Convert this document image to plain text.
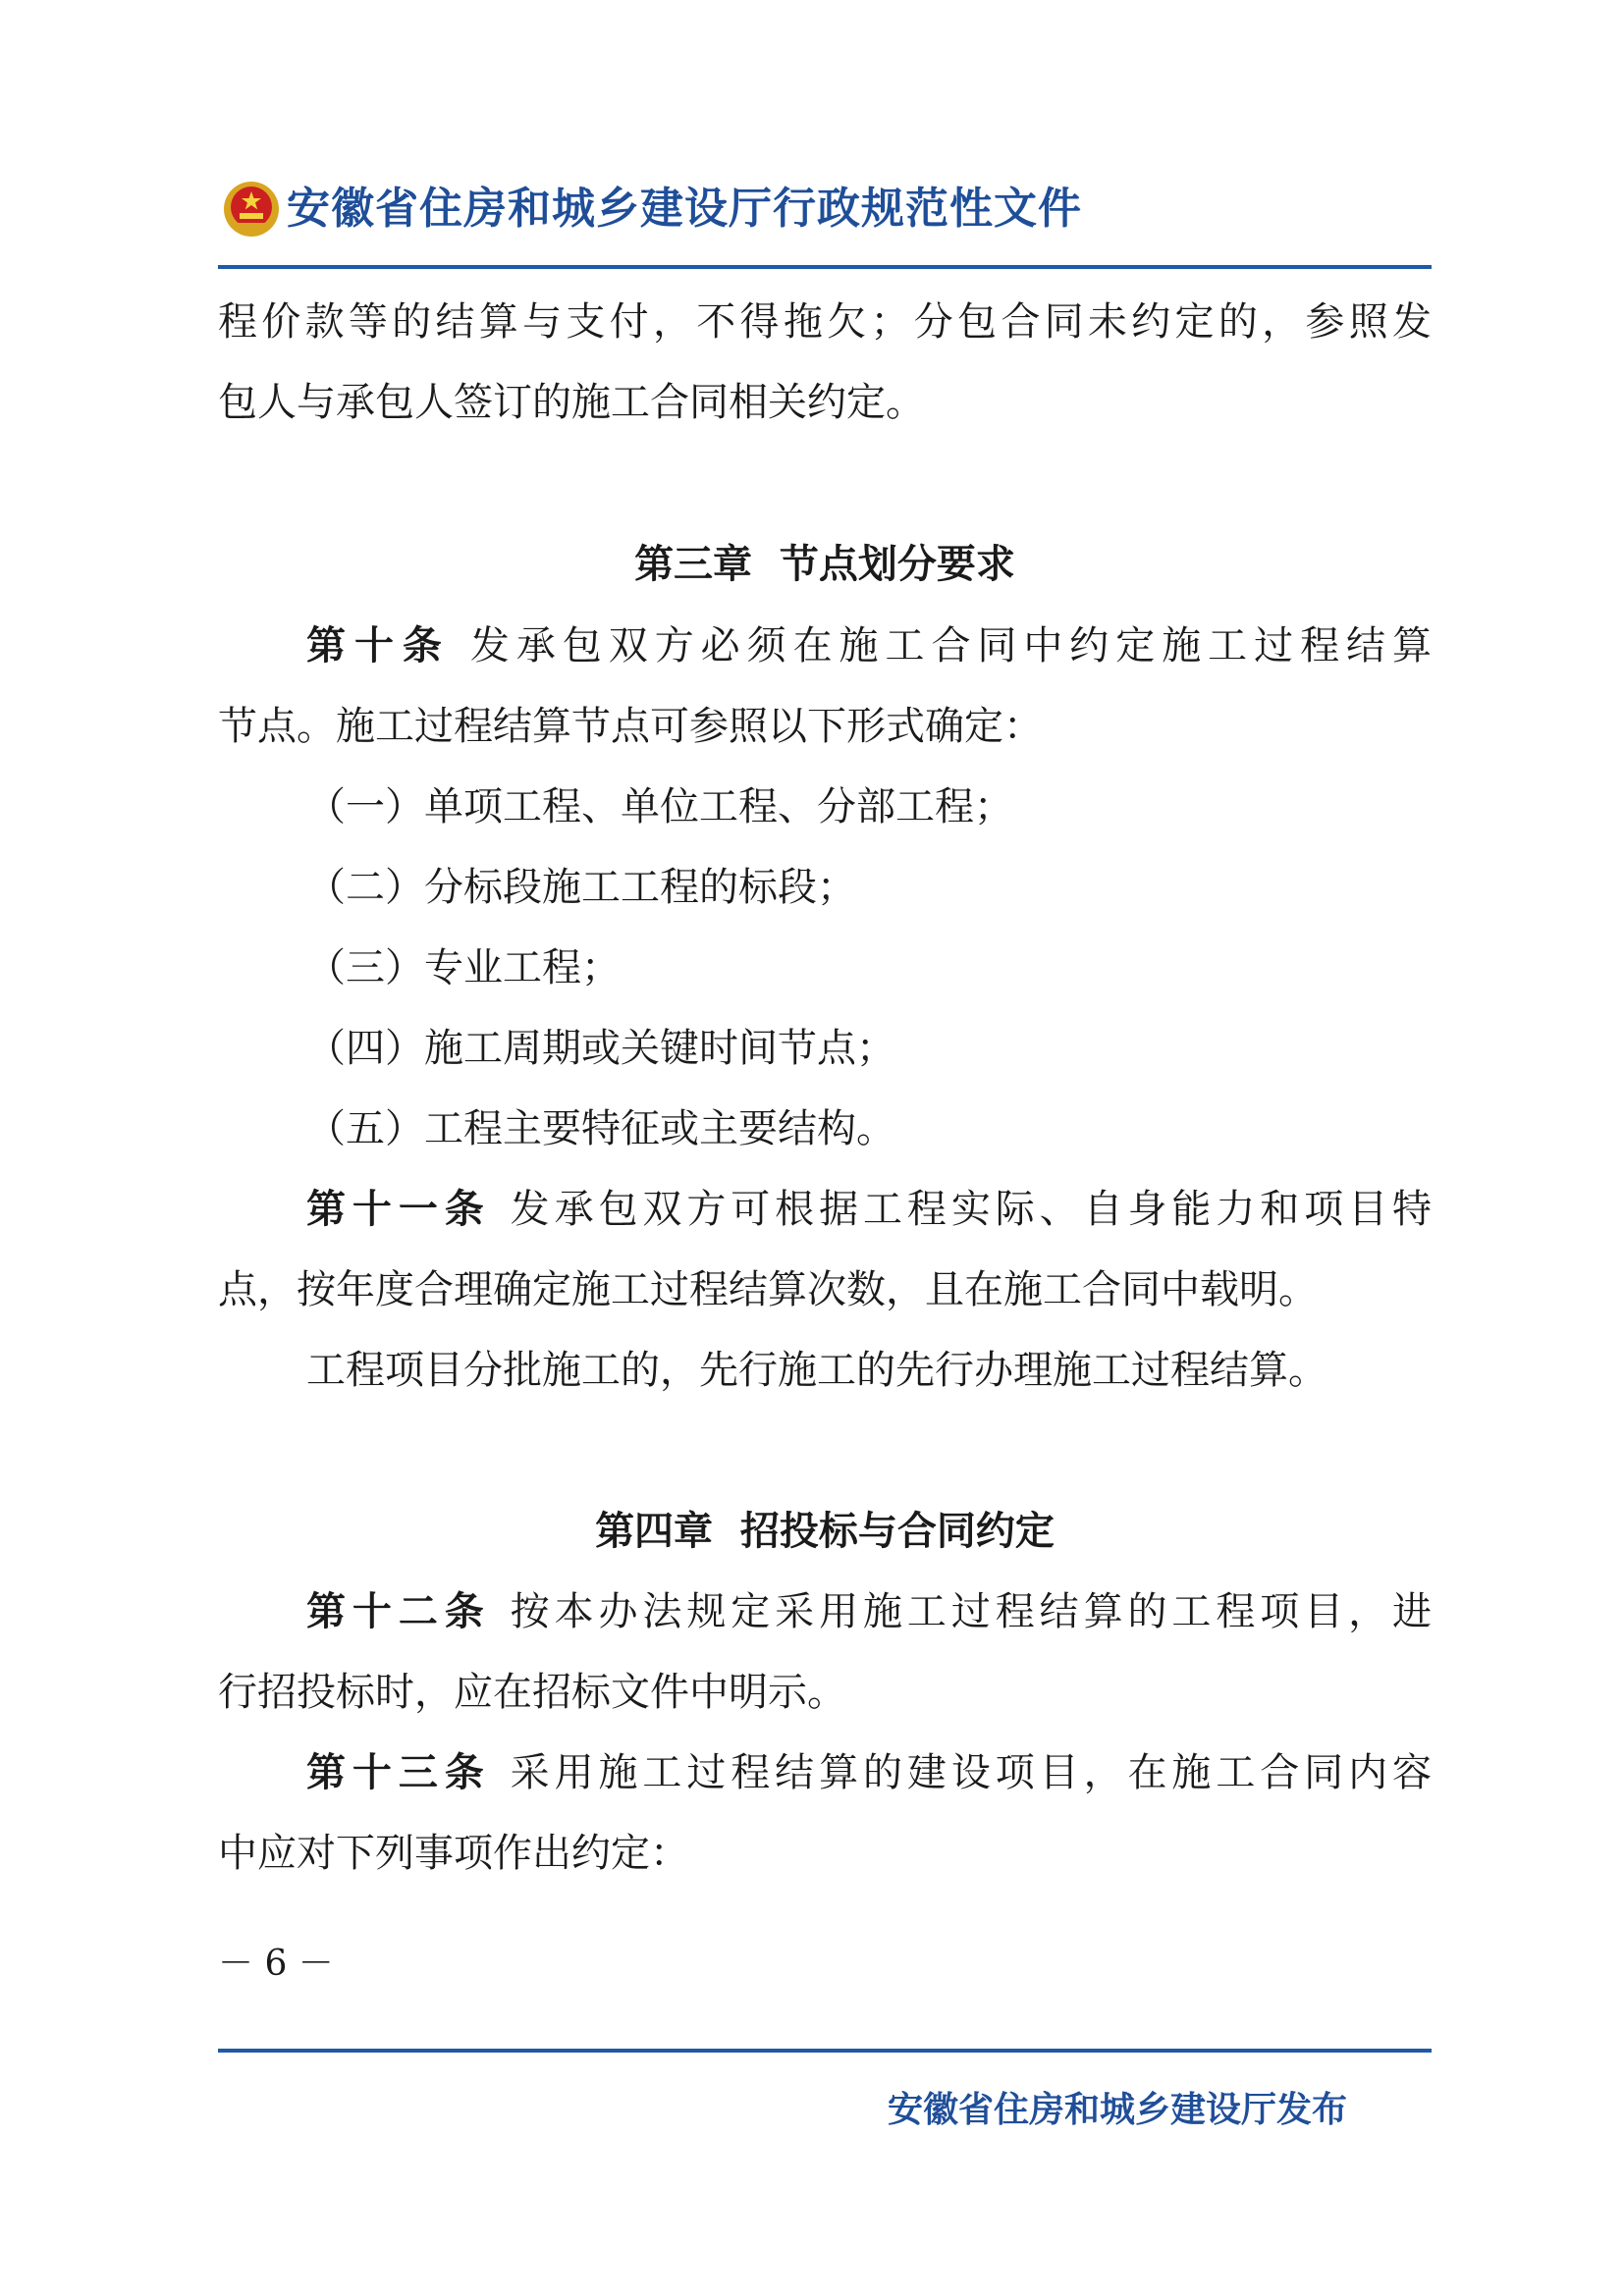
安徽省住房和城乡建设厅行政规范性文件
程价款等的结算与支付，不得拖欠；分包合同未约定的，参照发
包人与承包人签订的施工合同相关约定。
第三章  节点划分要求
第十条 发承包双方必须在施工合同中约定施工过程结算
节点。施工过程结算节点可参照以下形式确定：
（一）单项工程、单位工程、分部工程；
（二）分标段施工工程的标段；
（三）专业工程；
（四）施工周期或关键时间节点；
（五）工程主要特征或主要结构。
第十一条 发承包双方可根据工程实际、自身能力和项目特
点，按年度合理确定施工过程结算次数，且在施工合同中载明。
工程项目分批施工的，先行施工的先行办理施工过程结算。
第四章  招投标与合同约定
第十二条 按本办法规定采用施工过程结算的工程项目，进
行招投标时，应在招标文件中明示。
第十三条 采用施工过程结算的建设项目，在施工合同内容
中应对下列事项作出约定：
－ 6 －
安徽省住房和城乡建设厅发布
